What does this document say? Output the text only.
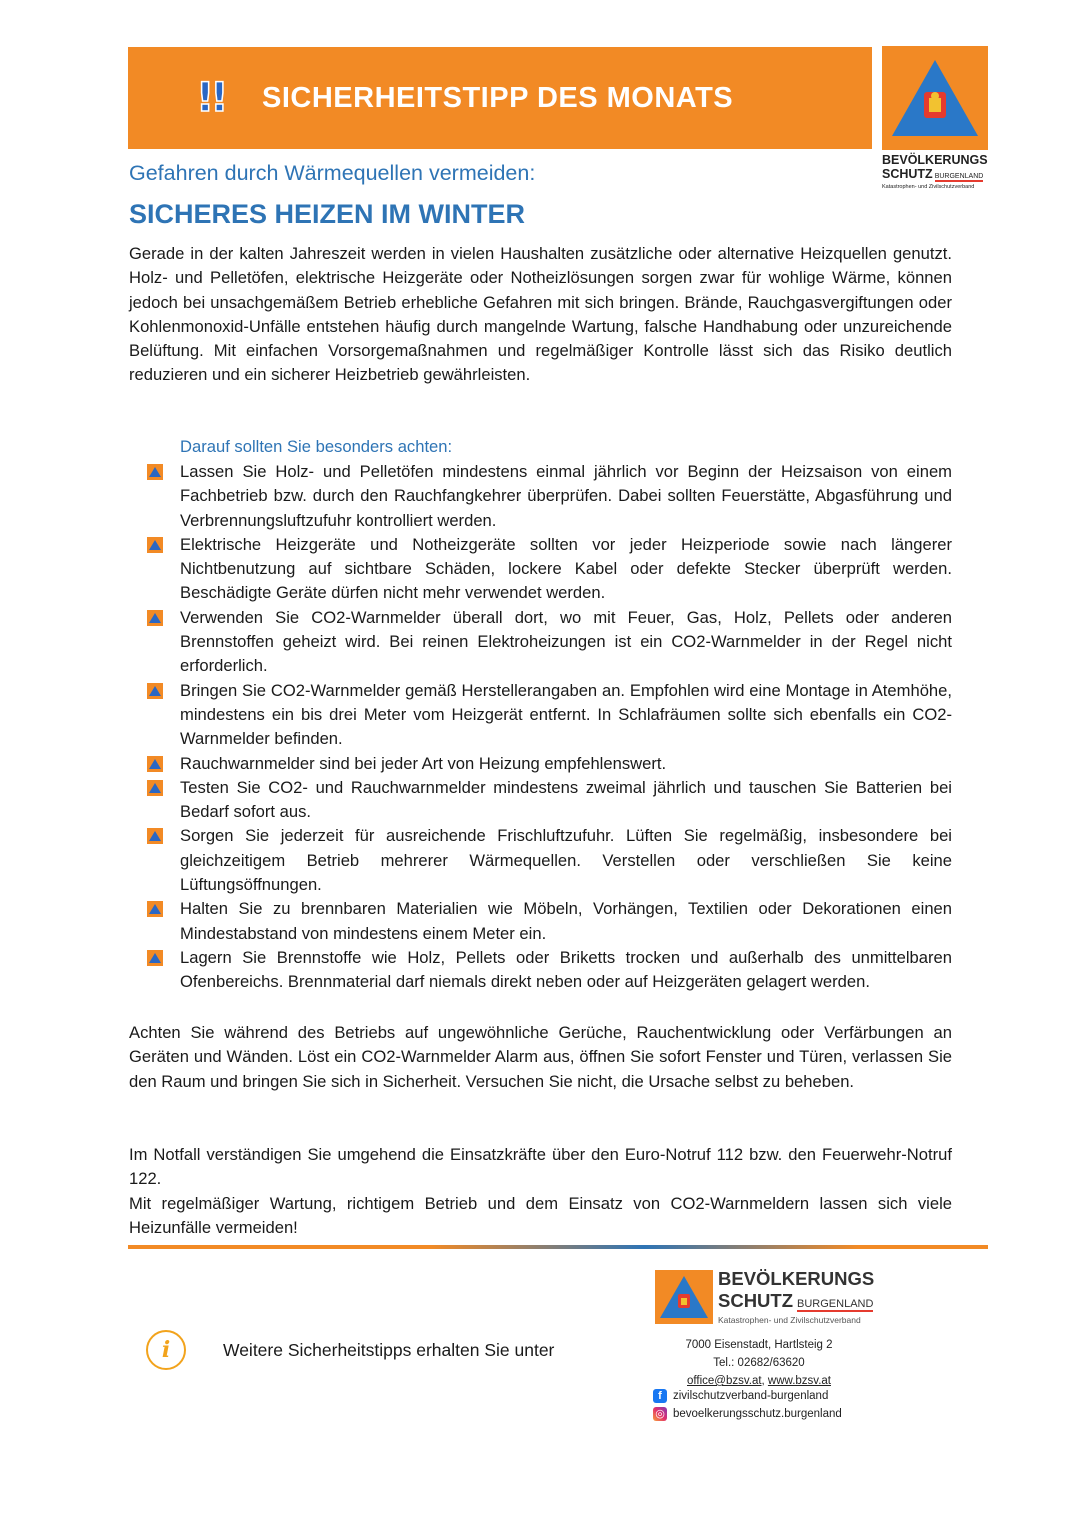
!! SICHERHEITSTIPP DES MONATS
BEVÖLKERUNGS
SCHUTZ BURGENLAND
Katastrophen- und Zivilschutzverband
Gefahren durch Wärmequellen vermeiden:
SICHERES HEIZEN IM WINTER
Gerade in der kalten Jahreszeit werden in vielen Haushalten zusätzliche oder alternative Heizquellen genutzt. Holz- und Pelletöfen, elektrische Heizgeräte oder Notheizlösungen sorgen zwar für wohlige Wärme, können jedoch bei unsachgemäßem Betrieb erhebliche Gefahren mit sich bringen. Brände, Rauchgasvergiftungen oder Kohlenmonoxid-Unfälle entstehen häufig durch mangelnde Wartung, falsche Handhabung oder unzureichende Belüftung. Mit einfachen Vorsorgemaßnahmen und regelmäßiger Kontrolle lässt sich das Risiko deutlich reduzieren und ein sicherer Heizbetrieb gewährleisten.
Darauf sollten Sie besonders achten:
Lassen Sie Holz- und Pelletöfen mindestens einmal jährlich vor Beginn der Heizsaison von einem Fachbetrieb bzw. durch den Rauchfangkehrer überprüfen. Dabei sollten Feuerstätte, Abgasführung und Verbrennungsluftzufuhr kontrolliert werden.
Elektrische Heizgeräte und Notheizgeräte sollten vor jeder Heizperiode sowie nach längerer Nichtbenutzung auf sichtbare Schäden, lockere Kabel oder defekte Stecker überprüft werden. Beschädigte Geräte dürfen nicht mehr verwendet werden.
Verwenden Sie CO2-Warnmelder überall dort, wo mit Feuer, Gas, Holz, Pellets oder anderen Brennstoffen geheizt wird. Bei reinen Elektroheizungen ist ein CO2-Warnmelder in der Regel nicht erforderlich.
Bringen Sie CO2-Warnmelder gemäß Herstellerangaben an. Empfohlen wird eine Montage in Atemhöhe, mindestens ein bis drei Meter vom Heizgerät entfernt. In Schlafräumen sollte sich ebenfalls ein CO2-Warnmelder befinden.
Rauchwarnmelder sind bei jeder Art von Heizung empfehlenswert.
Testen Sie CO2- und Rauchwarnmelder mindestens zweimal jährlich und tauschen Sie Batterien bei Bedarf sofort aus.
Sorgen Sie jederzeit für ausreichende Frischluftzufuhr. Lüften Sie regelmäßig, insbesondere bei gleichzeitigem Betrieb mehrerer Wärmequellen. Verstellen oder verschließen Sie keine Lüftungsöffnungen.
Halten Sie zu brennbaren Materialien wie Möbeln, Vorhängen, Textilien oder Dekorationen einen Mindestabstand von mindestens einem Meter ein.
Lagern Sie Brennstoffe wie Holz, Pellets oder Briketts trocken und außerhalb des unmittelbaren Ofenbereichs. Brennmaterial darf niemals direkt neben oder auf Heizgeräten gelagert werden.
Achten Sie während des Betriebs auf ungewöhnliche Gerüche, Rauchentwicklung oder Verfärbungen an Geräten und Wänden. Löst ein CO2-Warnmelder Alarm aus, öffnen Sie sofort Fenster und Türen, verlassen Sie den Raum und bringen Sie sich in Sicherheit. Versuchen Sie nicht, die Ursache selbst zu beheben.
Im Notfall verständigen Sie umgehend die Einsatzkräfte über den Euro-Notruf 112 bzw. den Feuerwehr-Notruf 122.
Mit regelmäßiger Wartung, richtigem Betrieb und dem Einsatz von CO2-Warnmeldern lassen sich viele Heizunfälle vermeiden!
i	Weitere Sicherheitstipps erhalten Sie unter
BEVÖLKERUNGS
SCHUTZ BURGENLAND
Katastrophen- und Zivilschutzverband
7000 Eisenstadt, Hartlsteig 2
Tel.: 02682/63620
office@bzsv.at, www.bzsv.at
f zivilschutzverband-burgenland
◎ bevoelkerungsschutz.burgenland
